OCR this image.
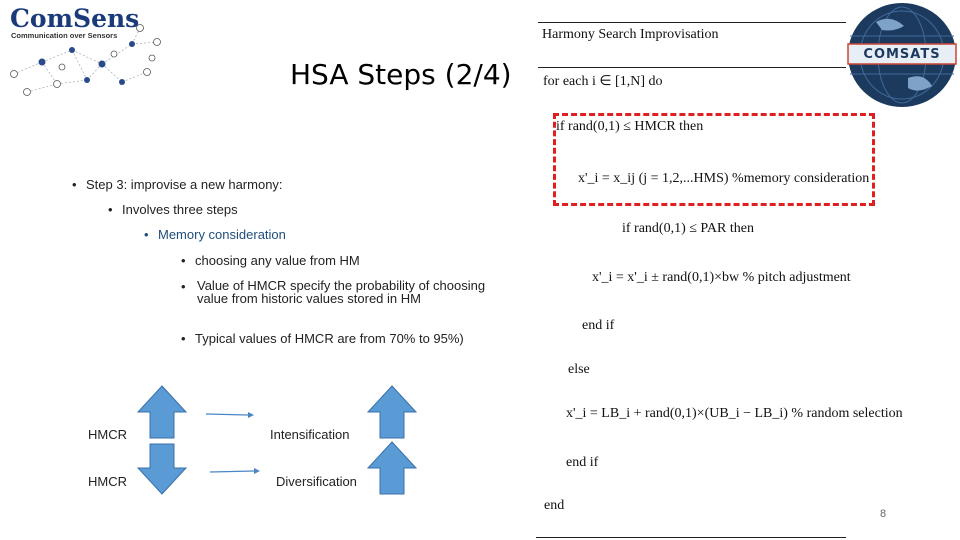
ComSens
Communication over Sensors
HSA Steps (2/4)
COMSATS
• Step 3: improvise a new harmony:
• Involves three steps
• Memory consideration
• choosing any value from HM
• Value of HMCR specify the probability of choosing value from historic values stored in HM
• Typical values of HMCR are from 70% to 95%)
HMCR	Intensification
HMCR	Diversification
Harmony Search Improvisation
for each i ∈ [1,N] do
if rand(0,1) ≤ HMCR then
x'_i = x_ij (j = 1,2,...HMS) %memory consideration
if rand(0,1) ≤ PAR then
x'_i = x'_i ± rand(0,1)×bw % pitch adjustment
end if
else
x'_i = LB_i + rand(0,1)×(UB_i − LB_i) % random selection
end if
end
8
